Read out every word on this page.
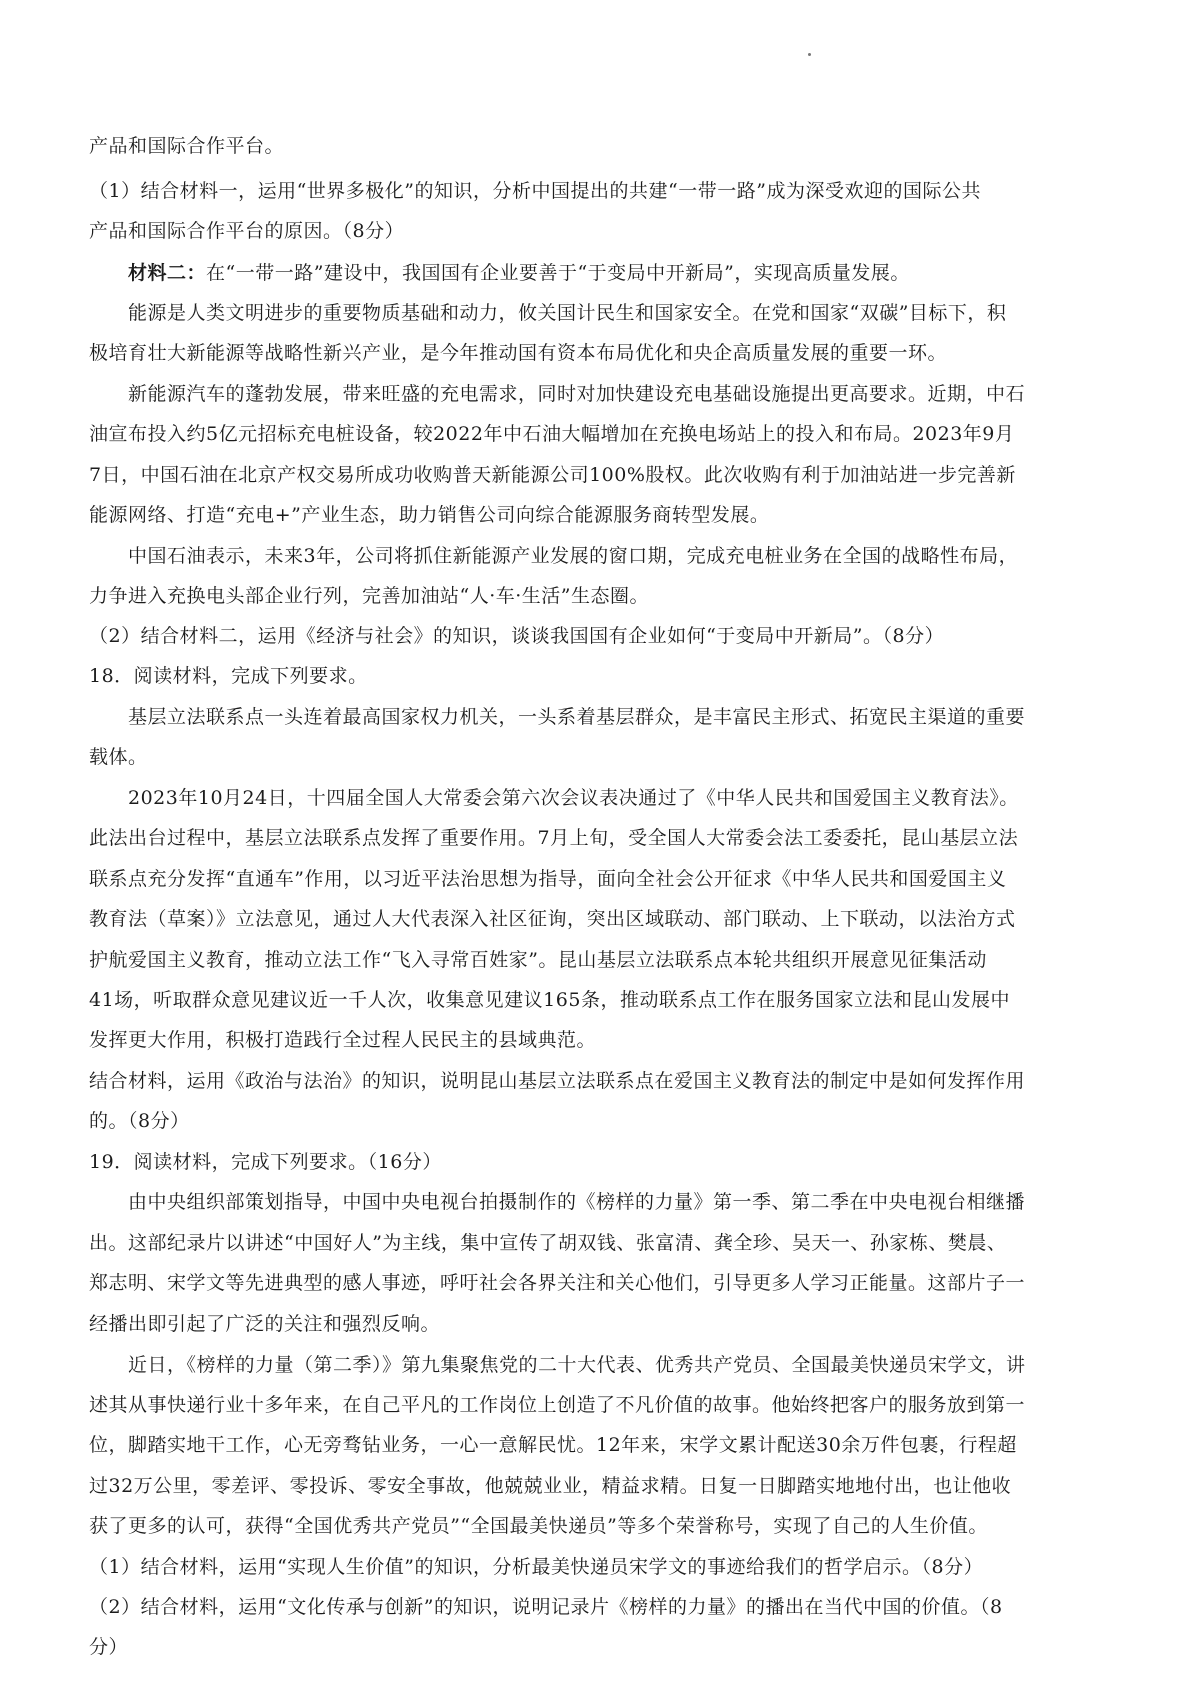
产品和国际合作平台。
（1）结合材料一，运用“世界多极化”的知识，分析中国提出的共建“一带一路”成为深受欢迎的国际公共
产品和国际合作平台的原因。（8分）
材料二：在“一带一路”建设中，我国国有企业要善于“于变局中开新局”，实现高质量发展。
能源是人类文明进步的重要物质基础和动力，攸关国计民生和国家安全。在党和国家“双碳”目标下，积
极培育壮大新能源等战略性新兴产业，是今年推动国有资本布局优化和央企高质量发展的重要一环。
新能源汽车的蓬勃发展，带来旺盛的充电需求，同时对加快建设充电基础设施提出更高要求。近期，中石
油宣布投入约5亿元招标充电桩设备，较2022年中石油大幅增加在充换电场站上的投入和布局。2023年9月
7日，中国石油在北京产权交易所成功收购普天新能源公司100%股权。此次收购有利于加油站进一步完善新
能源网络、打造“充电+”产业生态，助力销售公司向综合能源服务商转型发展。
中国石油表示，未来3年，公司将抓住新能源产业发展的窗口期，完成充电桩业务在全国的战略性布局，
力争进入充换电头部企业行列，完善加油站“人·车·生活”生态圈。
（2）结合材料二，运用《经济与社会》的知识，谈谈我国国有企业如何“于变局中开新局”。（8分）
18．阅读材料，完成下列要求。
基层立法联系点一头连着最高国家权力机关，一头系着基层群众，是丰富民主形式、拓宽民主渠道的重要
载体。
2023年10月24日，十四届全国人大常委会第六次会议表决通过了《中华人民共和国爱国主义教育法》。
此法出台过程中，基层立法联系点发挥了重要作用。7月上旬，受全国人大常委会法工委委托，昆山基层立法
联系点充分发挥“直通车”作用，以习近平法治思想为指导，面向全社会公开征求《中华人民共和国爱国主义
教育法（草案）》立法意见，通过人大代表深入社区征询，突出区域联动、部门联动、上下联动，以法治方式
护航爱国主义教育，推动立法工作“飞入寻常百姓家”。昆山基层立法联系点本轮共组织开展意见征集活动
41场，听取群众意见建议近一千人次，收集意见建议165条，推动联系点工作在服务国家立法和昆山发展中
发挥更大作用，积极打造践行全过程人民民主的县域典范。
结合材料，运用《政治与法治》的知识，说明昆山基层立法联系点在爱国主义教育法的制定中是如何发挥作用
的。（8分）
19．阅读材料，完成下列要求。（16分）
由中央组织部策划指导，中国中央电视台拍摄制作的《榜样的力量》第一季、第二季在中央电视台相继播
出。这部纪录片以讲述“中国好人”为主线，集中宣传了胡双钱、张富清、龚全珍、吴天一、孙家栋、樊晨、
郑志明、宋学文等先进典型的感人事迹，呼吁社会各界关注和关心他们，引导更多人学习正能量。这部片子一
经播出即引起了广泛的关注和强烈反响。
近日，《榜样的力量（第二季）》第九集聚焦党的二十大代表、优秀共产党员、全国最美快递员宋学文，讲
述其从事快递行业十多年来，在自己平凡的工作岗位上创造了不凡价值的故事。他始终把客户的服务放到第一
位，脚踏实地干工作，心无旁骛钻业务，一心一意解民忧。12年来，宋学文累计配送30余万件包裹，行程超
过32万公里，零差评、零投诉、零安全事故，他兢兢业业，精益求精。日复一日脚踏实地地付出，也让他收
获了更多的认可，获得“全国优秀共产党员”“全国最美快递员”等多个荣誉称号，实现了自己的人生价值。
（1）结合材料，运用“实现人生价值”的知识，分析最美快递员宋学文的事迹给我们的哲学启示。（8分）
（2）结合材料，运用“文化传承与创新”的知识，说明记录片《榜样的力量》的播出在当代中国的价值。（8
分）
